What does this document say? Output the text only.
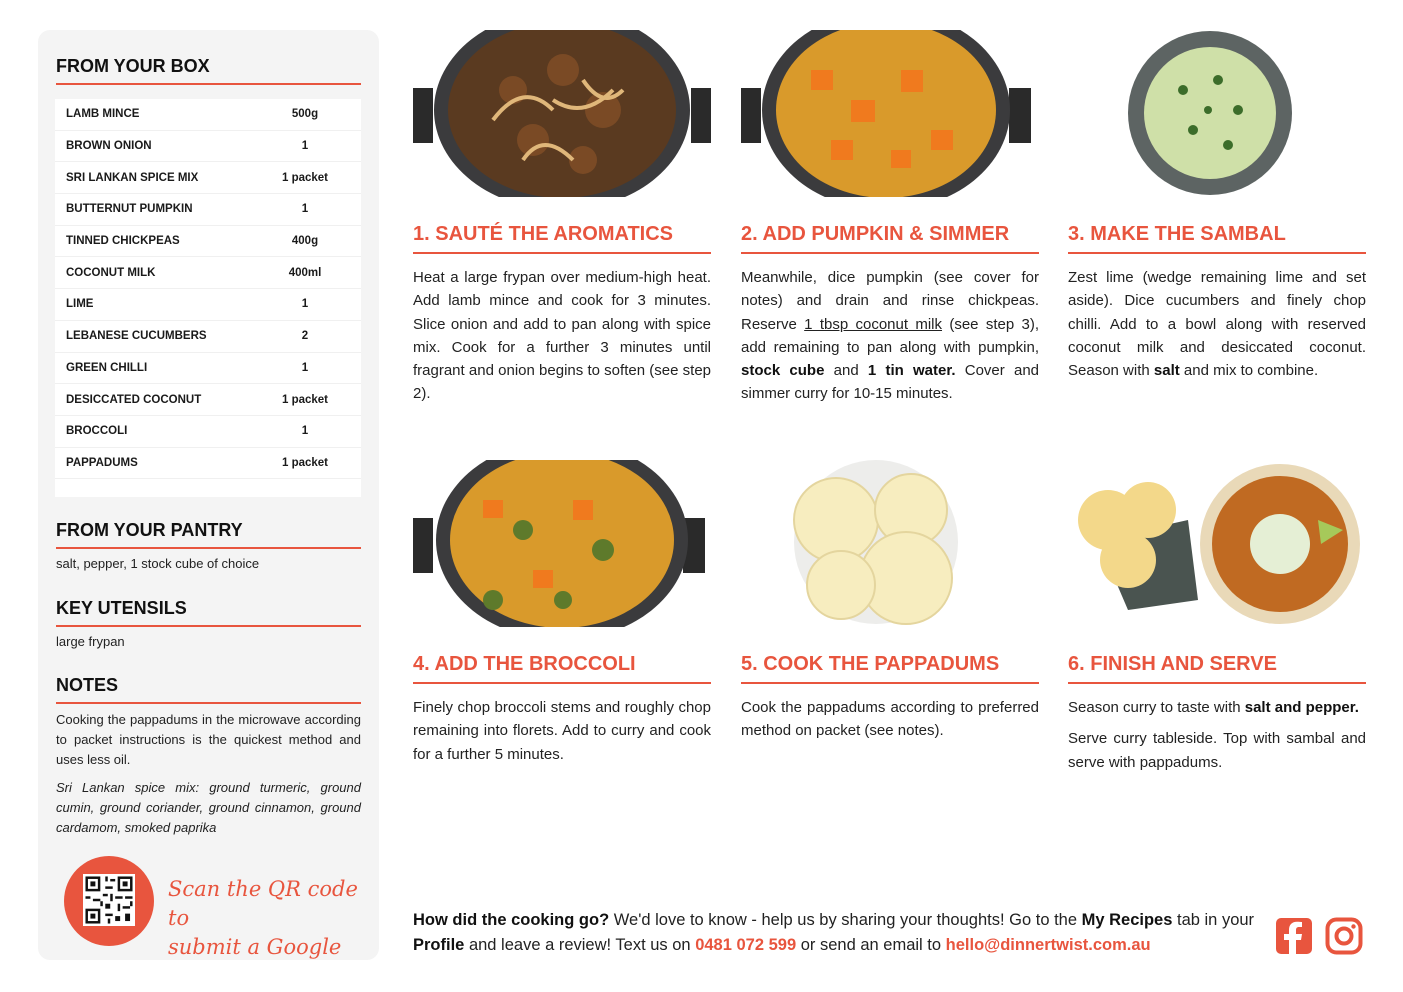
FROM YOUR BOX
LAMB MINCE	500g
BROWN ONION	1
SRI LANKAN SPICE MIX	1 packet
BUTTERNUT PUMPKIN	1
TINNED CHICKPEAS	400g
COCONUT MILK	400ml
LIME	1
LEBANESE CUCUMBERS	2
GREEN CHILLI	1
DESICCATED COCONUT	1 packet
BROCCOLI	1
PAPPADUMS	1 packet
FROM YOUR PANTRY
salt, pepper, 1 stock cube of choice
KEY UTENSILS
large frypan
NOTES

Cooking the pappadums in the microwave according to packet instructions is the quickest method and uses less oil.

Sri Lankan spice mix: ground turmeric, ground cumin, ground coriander, ground cinnamon, ground cardamom, smoked paprika

Scan the QR code to
submit a Google
1. SAUTÉ THE AROMATICS

Heat a large frypan over medium-high heat. Add lamb mince and cook for 3 minutes. Slice onion and add to pan along with spice mix. Cook for a further 3 minutes until fragrant and onion begins to soften (see step 2).

2. ADD PUMPKIN & SIMMER

Meanwhile, dice pumpkin (see cover for notes) and drain and rinse chickpeas. Reserve 1 tbsp coconut milk (see step 3), add remaining to pan along with pumpkin, stock cube and 1 tin water. Cover and simmer curry for 10-15 minutes.

3. MAKE THE SAMBAL

Zest lime (wedge remaining lime and set aside). Dice cucumbers and finely chop chilli. Add to a bowl along with reserved coconut milk and desiccated coconut. Season with salt and mix to combine.

4. ADD THE BROCCOLI

Finely chop broccoli stems and roughly chop remaining into florets. Add to curry and cook for a further 5 minutes.

5. COOK THE PAPPADUMS

Cook the pappadums according to preferred method on packet (see notes).

6. FINISH AND SERVE

Season curry to taste with salt and pepper.

Serve curry tableside. Top with sambal and serve with pappadums.

How did the cooking go? We'd love to know - help us by sharing your thoughts! Go to the My Recipes tab in your Profile and leave a review! Text us on 0481 072 599 or send an email to hello@dinnertwist.com.au
